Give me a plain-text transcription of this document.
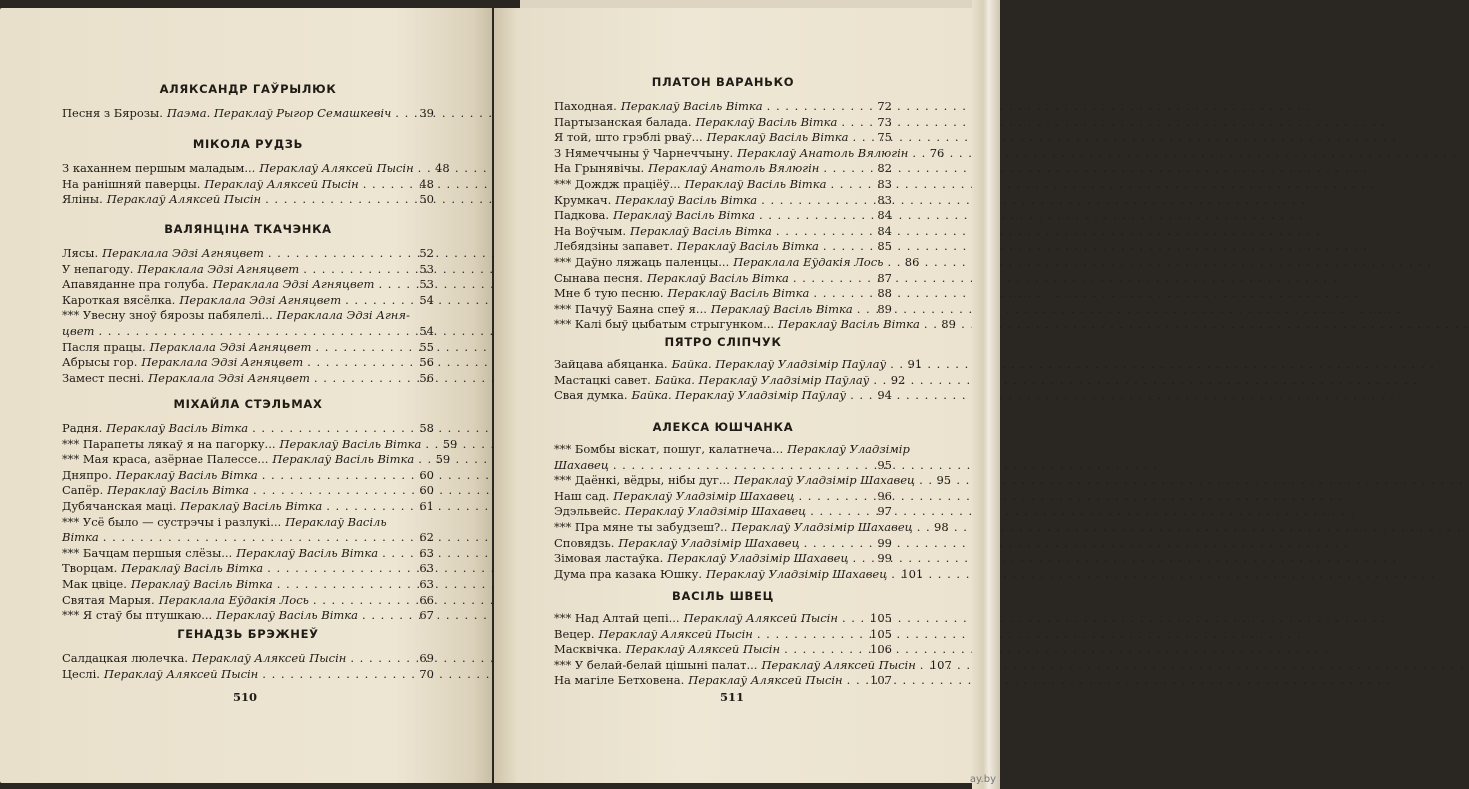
АЛЯКСАНДР ГАЎРЫЛЮК
Песня з Бярозы. Паэма. Пераклаў Рыгор Семашкевіч . . .	39
МІКОЛА РУДЗЬ
З каханнем першым маладым... Пераклаў Аляксей Пысін . . .	48
На ранішняй паверцы. Пераклаў Аляксей Пысін . . .	48
Яліны. Пераклаў Аляксей Пысін . . .	50
ВАЛЯНЦІНА ТКАЧЭНКА
Лясы. Пераклала Эдзі Агняцвет . . .	52
У непагоду. Пераклала Эдзі Агняцвет . . .	53
Апавяданне пра голуба. Пераклала Эдзі Агняцвет . . .	53
Кароткая вясёлка. Пераклала Эдзі Агняцвет . . .	54
*** Увесну зноў бярозы пабялелі... Пераклала Эдзі Агня-
цвет . . .	54
Пасля працы. Пераклала Эдзі Агняцвет . . .	55
Абрысы гор. Пераклала Эдзі Агняцвет . . .	56
Замест песні. Пераклала Эдзі Агняцвет . . .	56
МІХАЙЛА СТЭЛЬМАХ
Радня. Пераклаў Васіль Вітка . . .	58
*** Парапеты лякаў я на пагорку... Пераклаў Васіль Вітка . . .	59
*** Мая краса, азёрнае Палессе... Пераклаў Васіль Вітка . . .	59
Дняпро. Пераклаў Васіль Вітка . . .	60
Сапёр. Пераклаў Васіль Вітка . . .	60
Дубячанская маці. Пераклаў Васіль Вітка . . .	61
*** Усё было — сустрэчы і разлукі... Пераклаў Васіль
Вітка . . .	62
*** Бачцам першыя слёзы... Пераклаў Васіль Вітка . . .	63
Творцам. Пераклаў Васіль Вітка . . .	63
Мак цвіце. Пераклаў Васіль Вітка . . .	63
Святая Марыя. Пераклала Еўдакія Лось . . .	66
*** Я стаў бы птушкаю... Пераклаў Васіль Вітка . . .	67
ГЕНАДЗЬ БРЭЖНЕЎ
Салдацкая люлечка. Пераклаў Аляксей Пысін . . .	69
Цеслі. Пераклаў Аляксей Пысін . . .	70
510
ПЛАТОН ВАРАНЬКО
Паходная. Пераклаў Васіль Вітка . . .	72
Партызанская балада. Пераклаў Васіль Вітка . . .	73
Я той, што грэблі рваў... Пераклаў Васіль Вітка . . .	75
З Нямеччыны ў Чарнеччыну. Пераклаў Анатоль Вялюгін . . .	76
На Грынявічы. Пераклаў Анатоль Вялюгін . . .	82
*** Дождж праціёў... Пераклаў Васіль Вітка . . .	83
Крумкач. Пераклаў Васіль Вітка . . .	83
Падкова. Пераклаў Васіль Вітка . . .	84
На Воўчым. Пераклаў Васіль Вітка . . .	84
Лебядзіны запавет. Пераклаў Васіль Вітка . . .	85
*** Даўно ляжаць паленцы... Пераклала Еўдакія Лось . . .	86
Сынава песня. Пераклаў Васіль Вітка . . .	87
Мне б тую песню. Пераклаў Васіль Вітка . . .	88
*** Пачуў Баяна спеў я... Пераклаў Васіль Вітка . . .	89
*** Калі быў цыбатым стрыгунком... Пераклаў Васіль Вітка . . .	89
ПЯТРО СЛІПЧУК
Зайцава абяцанка. Байка. Пераклаў Уладзімір Паўлаў . . .	91
Мастацкі савет. Байка. Пераклаў Уладзімір Паўлаў . . .	92
Свая думка. Байка. Пераклаў Уладзімір Паўлаў . . .	94
АЛЕКСА ЮШЧАНКА
*** Бомбы віскат, пошуг, калатнеча... Пераклаў Уладзімір
Шахавец . . .	95
*** Даёнкі, вёдры, нібы дуг... Пераклаў Уладзімір Шахавец . . .	95
Наш сад. Пераклаў Уладзімір Шахавец . . .	96
Эдэльвейс. Пераклаў Уладзімір Шахавец . . .	97
*** Пра мяне ты забудзеш?.. Пераклаў Уладзімір Шахавец . . .	98
Сповядзь. Пераклаў Уладзімір Шахавец . . .	99
Зімовая ластаўка. Пераклаў Уладзімір Шахавец . . .	99
Дума пра казака Юшку. Пераклаў Уладзімір Шахавец . . . 101
ВАСІЛЬ ШВЕЦ
*** Над Алтай цепі... Пераклаў Аляксей Пысін . . .	105
Вецер. Пераклаў Аляксей Пысін . . .	105
Масквічка. Пераклаў Аляксей Пысін . . .	106
*** У белай-белай цішыні палат... Пераклаў Аляксей Пысін . . . 107
На магіле Бетховена. Пераклаў Аляксей Пысін . . . 107
511
ay.by
